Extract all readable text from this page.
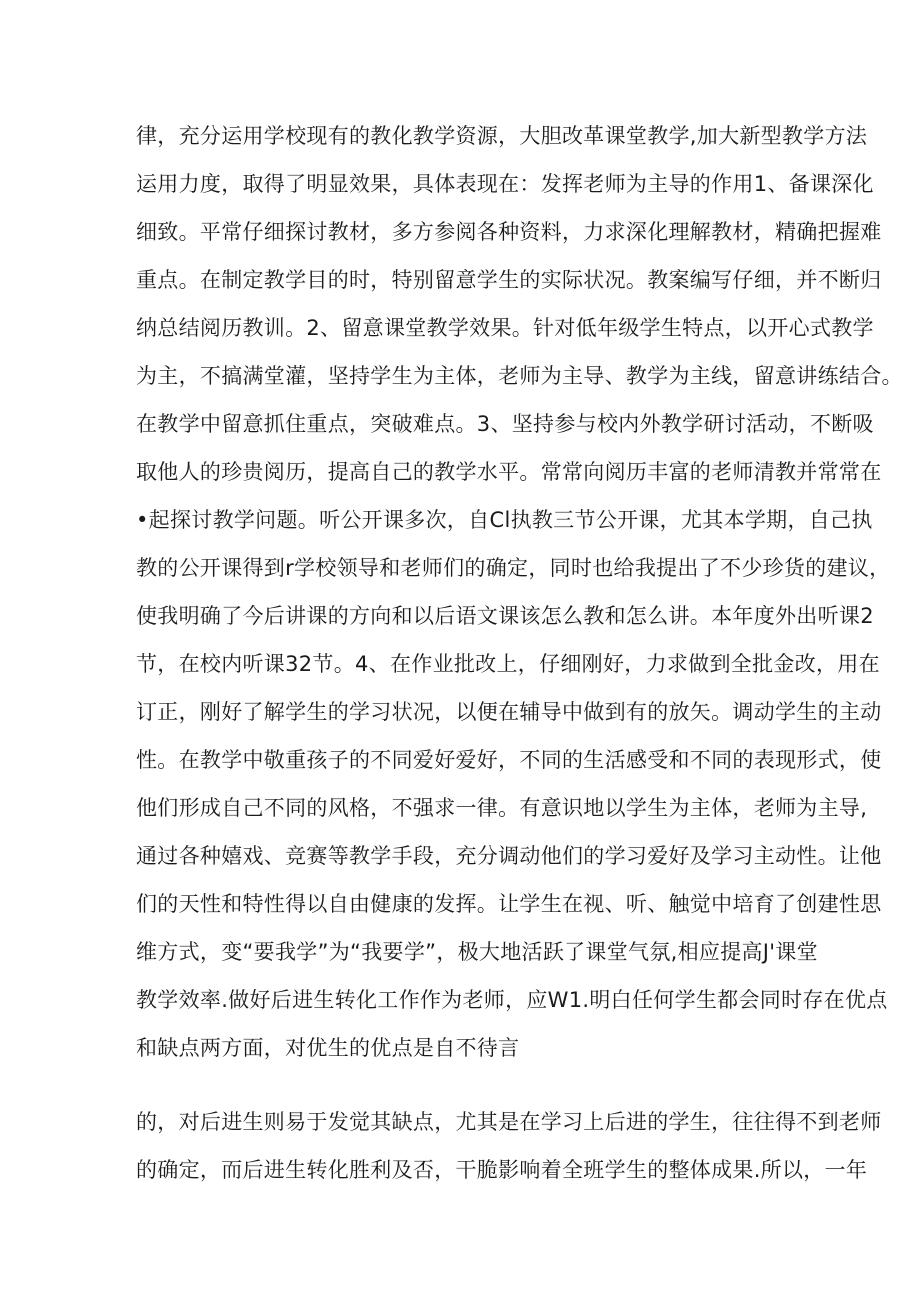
律，充分运用学校现有的教化教学资源，大胆改革课堂教学,加大新型教学方法
运用力度，取得了明显效果，具体表现在：发挥老师为主导的作用1、备课深化
细致。平常仔细探讨教材，多方参阅各种资料，力求深化理解教材，精确把握难
重点。在制定教学目的时，特别留意学生的实际状况。教案编写仔细，并不断归
纳总结阅历教训。2、留意课堂教学效果。针对低年级学生特点，以开心式教学
为主，不搞满堂灌，坚持学生为主体，老师为主导、教学为主线，留意讲练结合。
在教学中留意抓住重点，突破难点。3、坚持参与校内外教学研讨活动，不断吸
取他人的珍贵阅历，提高自己的教学水平。常常向阅历丰富的老师清教并常常在
•起探讨教学问题。听公开课多次，自Cl执教三节公开课，尤其本学期，自己执
教的公开课得到r学校领导和老师们的确定，同时也给我提出了不少珍货的建议，
使我明确了今后讲课的方向和以后语文课该怎么教和怎么讲。本年度外出听课2
节，在校内听课32节。4、在作业批改上，仔细刚好，力求做到全批金改，用在
订正，刚好了解学生的学习状况，以便在辅导中做到有的放矢。调动学生的主动
性。在教学中敬重孩子的不同爱好爱好，不同的生活感受和不同的表现形式，使
他们形成自己不同的风格，不强求一律。有意识地以学生为主体，老师为主导,
通过各种嬉戏、竞赛等教学手段，充分调动他们的学习爱好及学习主动性。让他
们的天性和特性得以自由健康的发挥。让学生在视、听、触觉中培育了创建性思
维方式，变“要我学”为“我要学”，极大地活跃了课堂气氛,相应提高J'课堂
教学效率.做好后进生转化工作作为老师，应W1.明白任何学生都会同时存在优点
和缺点两方面，对优生的优点是自不待言
的，对后进生则易于发觉其缺点，尤其是在学习上后进的学生，往往得不到老师
的确定，而后进生转化胜利及否，干脆影响着全班学生的整体成果.所以，一年
